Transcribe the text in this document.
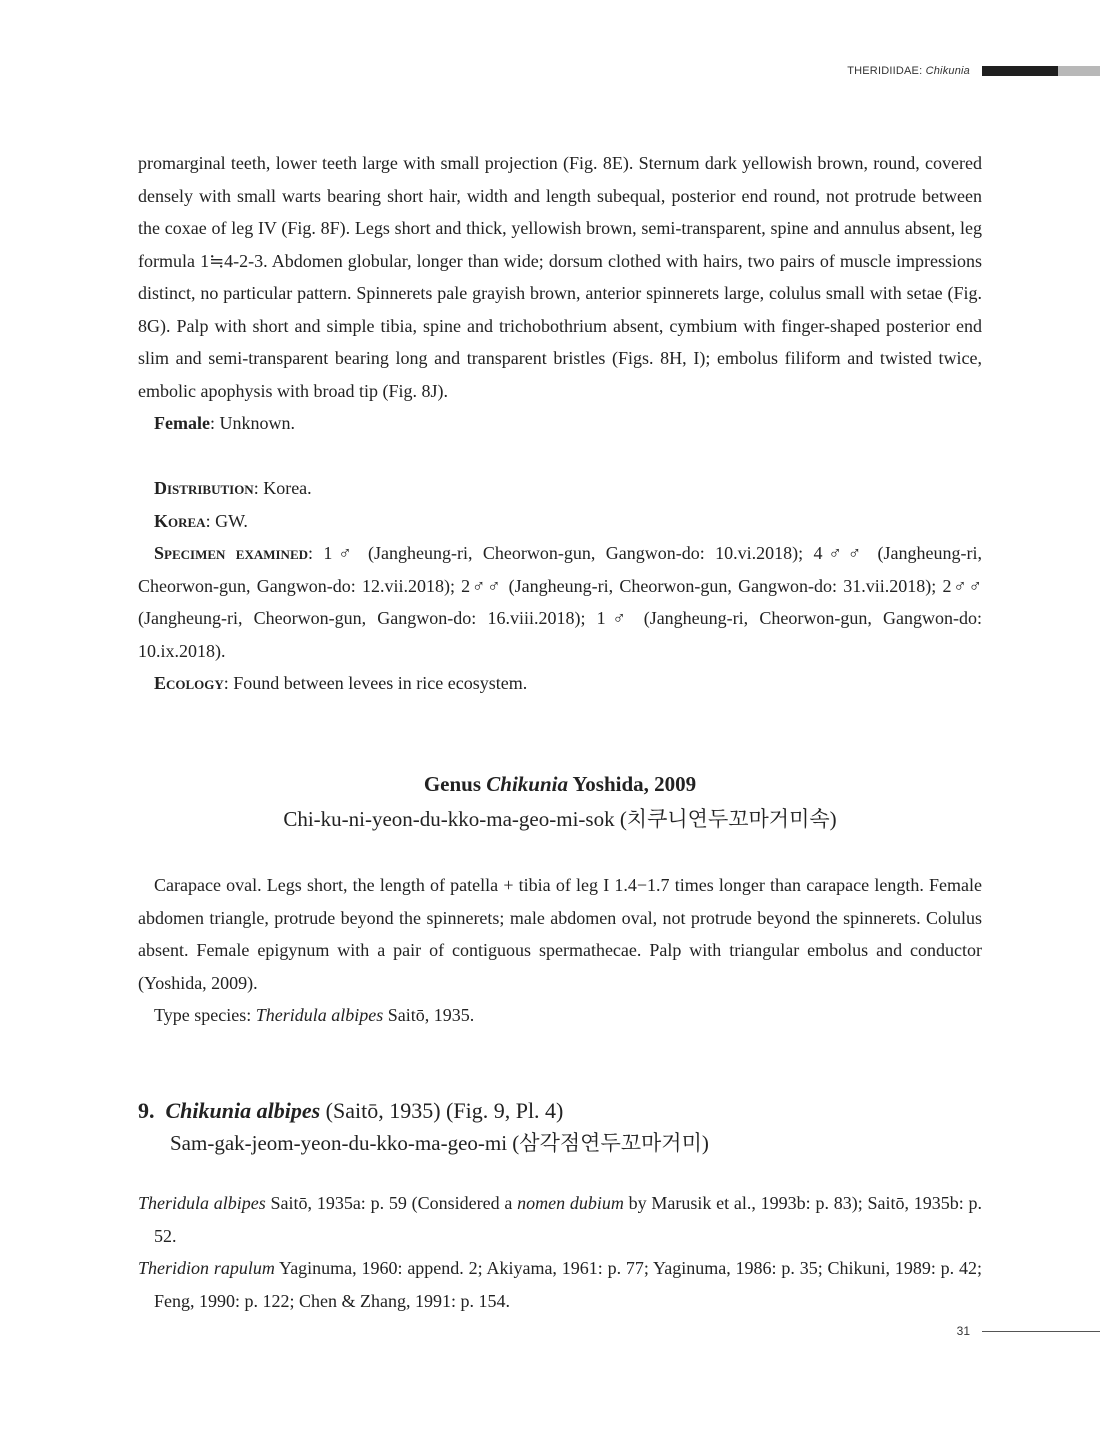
THERIDIIDAE: Chikunia

promarginal teeth, lower teeth large with small projection (Fig. 8E). Sternum dark yellowish brown, round, covered densely with small warts bearing short hair, width and length subequal, posterior end round, not protrude between the coxae of leg IV (Fig. 8F). Legs short and thick, yellowish brown, semi-transparent, spine and annulus absent, leg formula 1≒4-2-3. Abdomen globular, longer than wide; dorsum clothed with hairs, two pairs of muscle impressions distinct, no particular pattern. Spinnerets pale grayish brown, anterior spinnerets large, colulus small with setae (Fig. 8G). Palp with short and simple tibia, spine and trichobothrium absent, cymbium with finger-shaped posterior end slim and semi-transparent bearing long and transparent bristles (Figs. 8H, I); embolus filiform and twisted twice, embolic apophysis with broad tip (Fig. 8J).

Female: Unknown.

Distribution: Korea.

Korea: GW.

Specimen examined: 1♂ (Jangheung-ri, Cheorwon-gun, Gangwon-do: 10.vi.2018); 4♂♂ (Jangheung-ri, Cheorwon-gun, Gangwon-do: 12.vii.2018); 2♂♂ (Jangheung-ri, Cheorwon-gun, Gangwon-do: 31.vii.2018); 2♂♂ (Jangheung-ri, Cheorwon-gun, Gangwon-do: 16.viii.2018); 1♂ (Jangheung-ri, Cheorwon-gun, Gangwon-do: 10.ix.2018).

Ecology: Found between levees in rice ecosystem.

Genus Chikunia Yoshida, 2009
Chi-ku-ni-yeon-du-kko-ma-geo-mi-sok (치쿠니연두꼬마거미속)

Carapace oval. Legs short, the length of patella + tibia of leg I 1.4−1.7 times longer than carapace length. Female abdomen triangle, protrude beyond the spinnerets; male abdomen oval, not protrude beyond the spinnerets. Colulus absent. Female epigynum with a pair of contiguous spermathecae. Palp with triangular embolus and conductor (Yoshida, 2009).

Type species: Theridula albipes Saitō, 1935.

9. Chikunia albipes (Saitō, 1935) (Fig. 9, Pl. 4)
Sam-gak-jeom-yeon-du-kko-ma-geo-mi (삼각점연두꼬마거미)

Theridula albipes Saitō, 1935a: p. 59 (Considered a nomen dubium by Marusik et al., 1993b: p. 83); Saitō, 1935b: p. 52.

Theridion rapulum Yaginuma, 1960: append. 2; Akiyama, 1961: p. 77; Yaginuma, 1986: p. 35; Chikuni, 1989: p. 42; Feng, 1990: p. 122; Chen & Zhang, 1991: p. 154.

31
